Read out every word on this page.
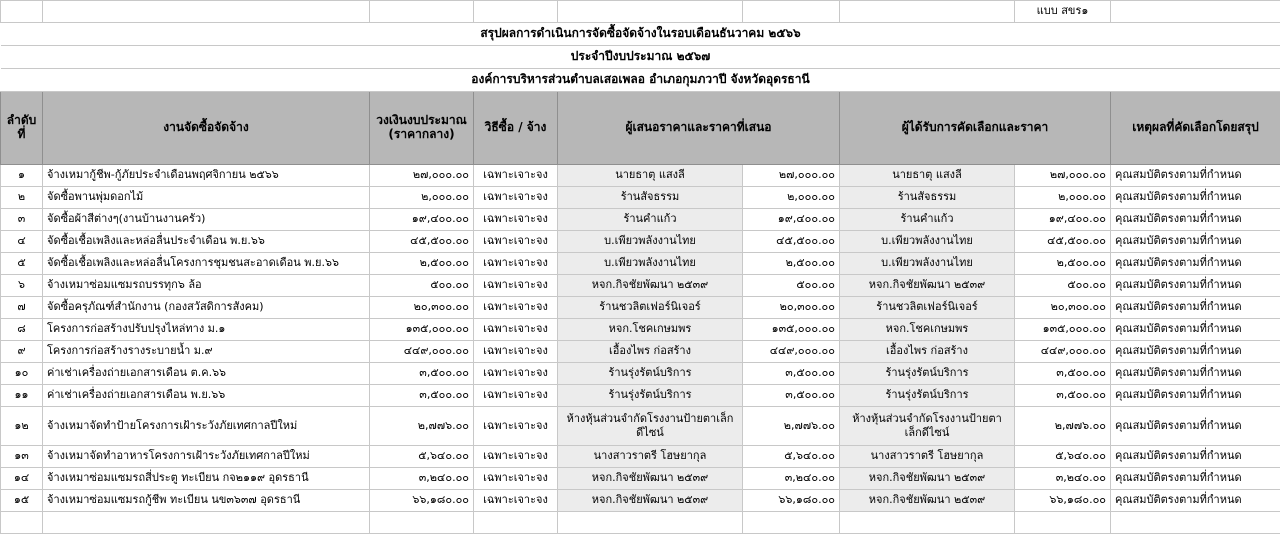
							แบบ สขร๑	
สรุปผลการดำเนินการจัดซื้อจัดจ้างในรอบเดือนธันวาคม ๒๕๖๖								
ประจำปีงบประมาณ ๒๕๖๗								
องค์การบริหารส่วนตำบลเสอเพลอ อำเภอกุมภวาปี จังหวัดอุดรธานี								
ลำดับที่	งานจัดซื้อจัดจ้าง	วงเงินงบประมาณ (ราคากลาง)	วิธีซื้อ / จ้าง	ผู้เสนอราคาและราคาที่เสนอ		ผู้ได้รับการคัดเลือกและราคา		เหตุผลที่คัดเลือกโดยสรุป
๑	จ้างเหมากู้ชีพ-กู้ภัยประจำเดือนพฤศจิกายน ๒๕๖๖	๒๗,๐๐๐.๐๐	เฉพาะเจาะจง	นายธาตุ แสงลี	๒๗,๐๐๐.๐๐	นายธาตุ แสงลี	๒๗,๐๐๐.๐๐	คุณสมบัติตรงตามที่กำหนด
๒	จัดซื้อพานพุ่มดอกไม้	๒,๐๐๐.๐๐	เฉพาะเจาะจง	ร้านสัจธรรม	๒,๐๐๐.๐๐	ร้านสัจธรรม	๒,๐๐๐.๐๐	คุณสมบัติตรงตามที่กำหนด
๓	จัดซื้อผ้าสีต่างๆ(งานบ้านงานครัว)	๑๙,๔๐๐.๐๐	เฉพาะเจาะจง	ร้านคำแก้ว	๑๙,๔๐๐.๐๐	ร้านคำแก้ว	๑๙,๔๐๐.๐๐	คุณสมบัติตรงตามที่กำหนด
๔	จัดซื้อเชื้อเพลิงและหล่อลื่นประจำเดือน พ.ย.๖๖	๔๕,๕๐๐.๐๐	เฉพาะเจาะจง	บ.เพียวพลังงานไทย	๔๕,๕๐๐.๐๐	บ.เพียวพลังงานไทย	๔๕,๕๐๐.๐๐	คุณสมบัติตรงตามที่กำหนด
๕	จัดซื้อเชื้อเพลิงและหล่อลื่นโครงการชุมชนสะอาดเดือน พ.ย.๖๖	๒,๕๐๐.๐๐	เฉพาะเจาะจง	บ.เพียวพลังงานไทย	๒,๕๐๐.๐๐	บ.เพียวพลังงานไทย	๒,๕๐๐.๐๐	คุณสมบัติตรงตามที่กำหนด
๖	จ้างเหมาซ่อมแซมรถบรรทุก๖ ล้อ	๕๐๐.๐๐	เฉพาะเจาะจง	หจก.กิจชัยพัฒนา ๒๕๓๙	๕๐๐.๐๐	หจก.กิจชัยพัฒนา ๒๕๓๙	๕๐๐.๐๐	คุณสมบัติตรงตามที่กำหนด
๗	จัดซื้อครุภัณฑ์สำนักงาน (กองสวัสดิการสังคม)	๒๐,๓๐๐.๐๐	เฉพาะเจาะจง	ร้านชวลิตเฟอร์นิเจอร์	๒๐,๓๐๐.๐๐	ร้านชวลิตเฟอร์นิเจอร์	๒๐,๓๐๐.๐๐	คุณสมบัติตรงตามที่กำหนด
๘	โครงการก่อสร้างปรับปรุงไหล่ทาง ม.๑	๑๓๕,๐๐๐.๐๐	เฉพาะเจาะจง	หจก.โชคเกษมพร	๑๓๕,๐๐๐.๐๐	หจก.โชคเกษมพร	๑๓๕,๐๐๐.๐๐	คุณสมบัติตรงตามที่กำหนด
๙	โครงการก่อสร้างรางระบายน้ำ ม.๙	๔๔๙,๐๐๐.๐๐	เฉพาะเจาะจง	เอื้องไพร ก่อสร้าง	๔๔๙,๐๐๐.๐๐	เอื้องไพร ก่อสร้าง	๔๔๙,๐๐๐.๐๐	คุณสมบัติตรงตามที่กำหนด
๑๐	ค่าเช่าเครื่องถ่ายเอกสารเดือน ต.ค.๖๖	๓,๕๐๐.๐๐	เฉพาะเจาะจง	ร้านรุ่งรัตน์บริการ	๓,๕๐๐.๐๐	ร้านรุ่งรัตน์บริการ	๓,๕๐๐.๐๐	คุณสมบัติตรงตามที่กำหนด
๑๑	ค่าเช่าเครื่องถ่ายเอกสารเดือน พ.ย.๖๖	๓,๕๐๐.๐๐	เฉพาะเจาะจง	ร้านรุ่งรัตน์บริการ	๓,๕๐๐.๐๐	ร้านรุ่งรัตน์บริการ	๓,๕๐๐.๐๐	คุณสมบัติตรงตามที่กำหนด
๑๒	จ้างเหมาจัดทำป้ายโครงการเฝ้าระวังภัยเทศกาลปีใหม่	๒,๗๗๖.๐๐	เฉพาะเจาะจง	ห้างหุ้นส่วนจำกัดโรงงานป้ายตาเล็กดีไซน์	๒,๗๗๖.๐๐	ห้างหุ้นส่วนจำกัดโรงงานป้ายตาเล็กดีไซน์	๒,๗๗๖.๐๐	คุณสมบัติตรงตามที่กำหนด
๑๓	จ้างเหมาจัดทำอาหารโครงการเฝ้าระวังภัยเทศกาลปีใหม่	๕,๖๔๐.๐๐	เฉพาะเจาะจง	นางสาวราตรี โฮษยากุล	๕,๖๔๐.๐๐	นางสาวราตรี โฮษยากุล	๕,๖๔๐.๐๐	คุณสมบัติตรงตามที่กำหนด
๑๔	จ้างเหมาซ่อมแซมรถสี่ประตู ทะเบียน กจ๒๑๑๙ อุดรธานี	๓,๒๔๐.๐๐	เฉพาะเจาะจง	หจก.กิจชัยพัฒนา ๒๕๓๙	๓,๒๔๐.๐๐	หจก.กิจชัยพัฒนา ๒๕๓๙	๓,๒๔๐.๐๐	คุณสมบัติตรงตามที่กำหนด
๑๕	จ้างเหมาซ่อมแซมรถกู้ชีพ ทะเบียน นข๓๖๓๗ อุดรธานี	๖๖,๑๘๐.๐๐	เฉพาะเจาะจง	หจก.กิจชัยพัฒนา ๒๕๓๙	๖๖,๑๘๐.๐๐	หจก.กิจชัยพัฒนา ๒๕๓๙	๖๖,๑๘๐.๐๐	คุณสมบัติตรงตามที่กำหนด
